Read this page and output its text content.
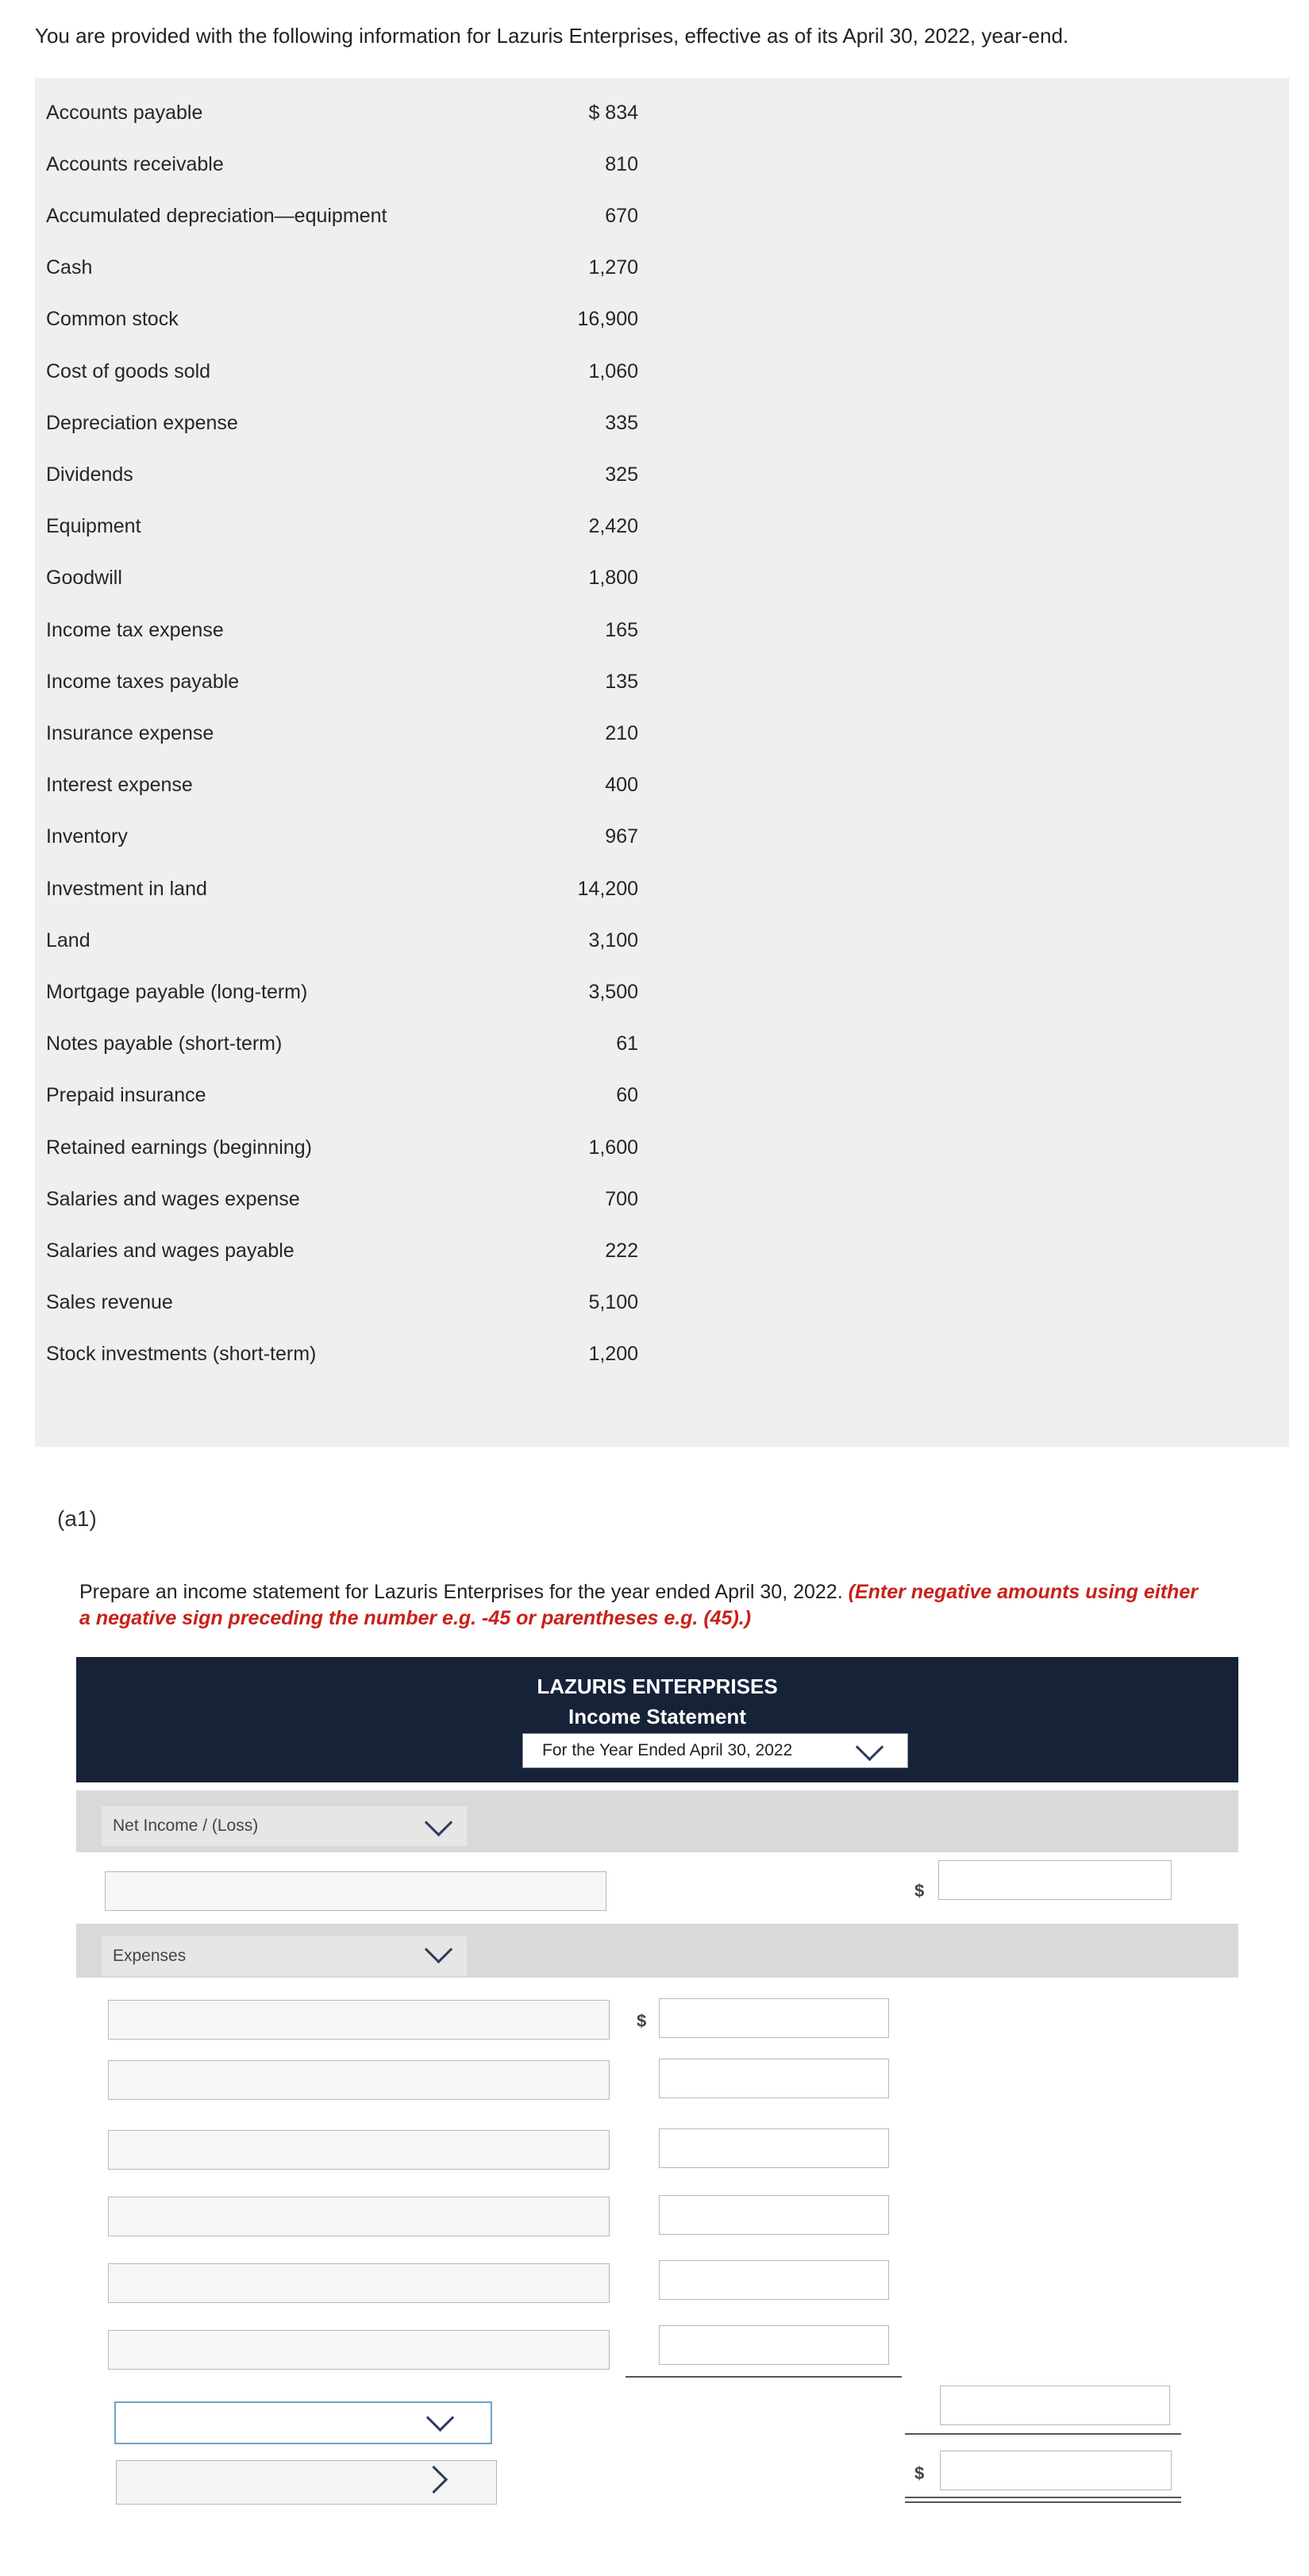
You are provided with the following information for Lazuris Enterprises, effective as of its April 30, 2022, year-end.
Accounts payable	$ 834
Accounts receivable	810
Accumulated depreciation—equipment	670
Cash	1,270
Common stock	16,900
Cost of goods sold	1,060
Depreciation expense	335
Dividends	325
Equipment	2,420
Goodwill	1,800
Income tax expense	165
Income taxes payable	135
Insurance expense	210
Interest expense	400
Inventory	967
Investment in land	14,200
Land	3,100
Mortgage payable (long-term)	3,500
Notes payable (short-term)	61
Prepaid insurance	60
Retained earnings (beginning)	1,600
Salaries and wages expense	700
Salaries and wages payable	222
Sales revenue	5,100
Stock investments (short-term)	1,200
(a1)
Prepare an income statement for Lazuris Enterprises for the year ended April 30, 2022. (Enter negative amounts using either a negative sign preceding the number e.g. -45 or parentheses e.g. (45).)
LAZURIS ENTERPRISES
Income Statement
For the Year Ended April 30, 2022
Net Income / (Loss)
$
Expenses
$
$
